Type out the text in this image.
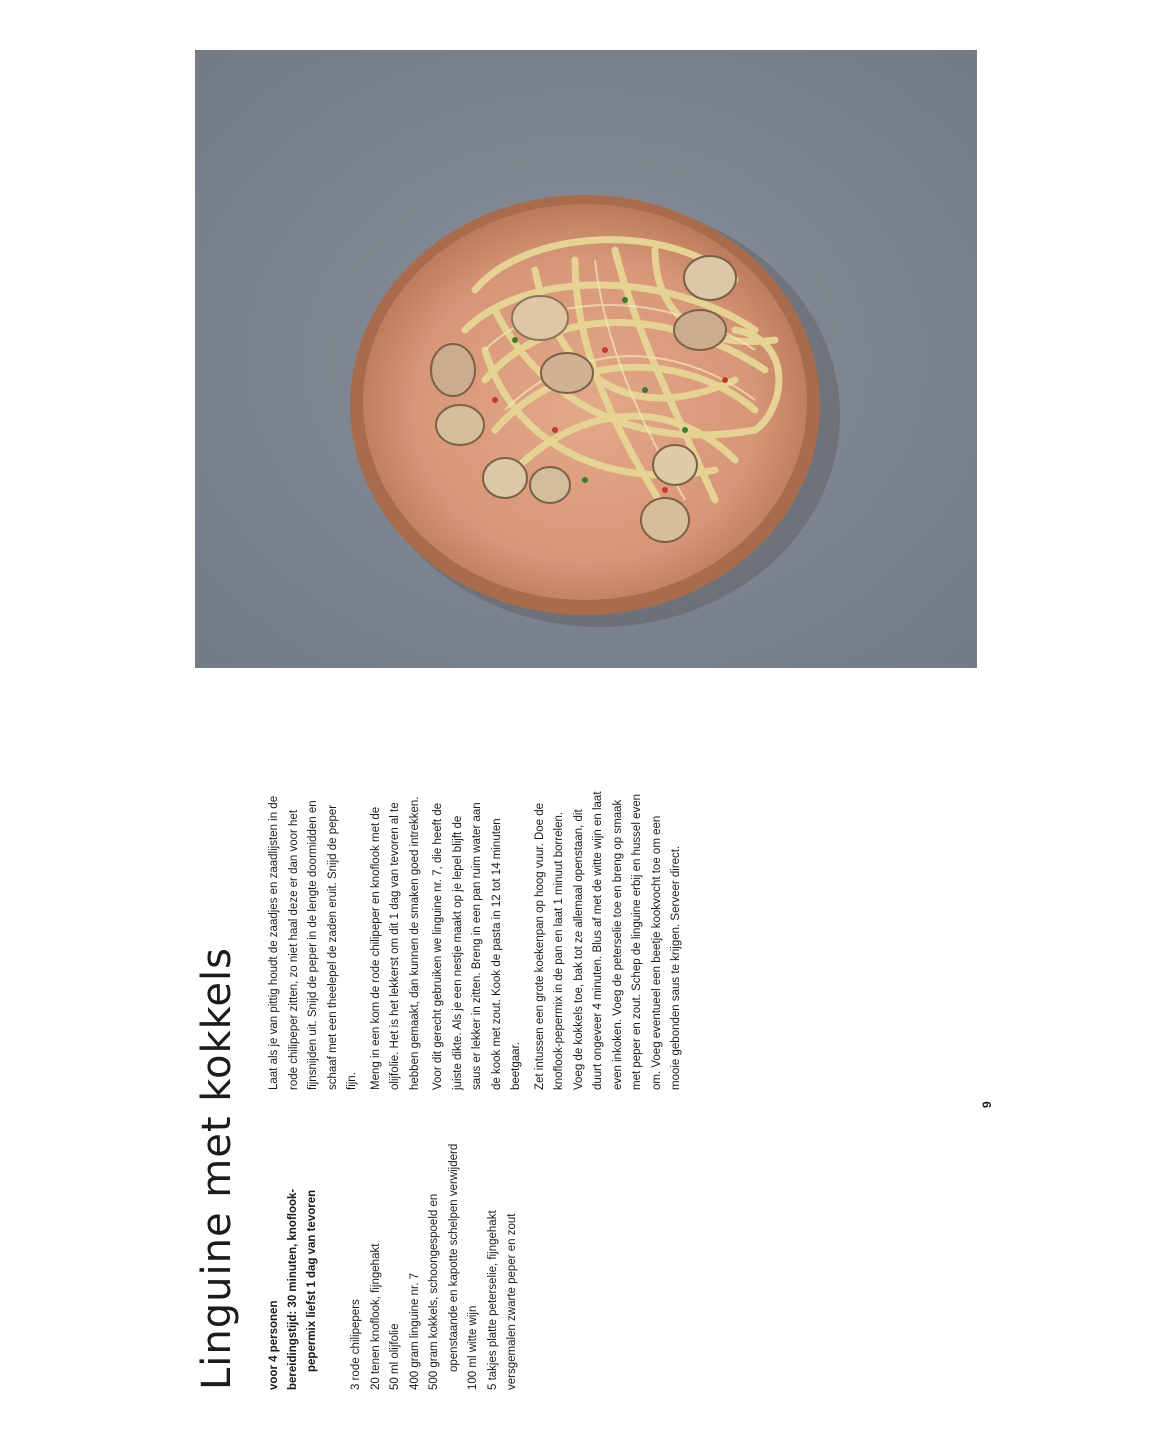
Linguine met kokkels voor 4 personen bereidingstijd: 30 minuten, knoflook- pepermix liefst 1 dag van tevoren	3 rode chilipepers 20 tenen knoflook, fijngehakt 50 ml olijfolie 400 gram linguine nr. 7 500 gram kokkels, schoongespoeld en openstaande en kapotte schelpen verwijderd 100 ml witte wijn 5 takjes platte peterselie, fijngehakt versgemalen zwarte peper en zout

Laat als je van pittig houdt de zaadjes en zaadlijsten in de rode chilipeper zitten, zo niet haal deze er dan voor het fijnsnijden uit. Snijd de peper in de lengte doormidden en schaaf met een theelepel de zaden eruit. Snijd de peper fijn.	Meng in een kom de rode chilipeper en knoflook met de olijfolie. Het is het lekkerst om dit 1 dag van tevoren al te hebben gemaakt, dan kunnen de smaken goed intrekken.	Voor dit gerecht gebruiken we linguine nr. 7, die heeft de juiste dikte. Als je een nestje maakt op je lepel blijft de saus er lekker in zitten. Breng in een pan ruim water aan de kook met zout. Kook de pasta in 12 tot 14 minuten beetgaar.	Zet intussen een grote koekenpan op hoog vuur. Doe de knoflook-pepermix in de pan en laat 1 minuut borrelen. Voeg de kokkels toe, bak tot ze allemaal openstaan, dit duurt ongeveer 4 minuten. Blus af met de witte wijn en laat even inkoken. Voeg de peterselie toe en breng op smaak met peper en zout. Schep de linguine erbij en hussel even om. Voeg eventueel een beetje kookvocht toe om een mooie gebonden saus te krijgen. Serveer direct.

9
